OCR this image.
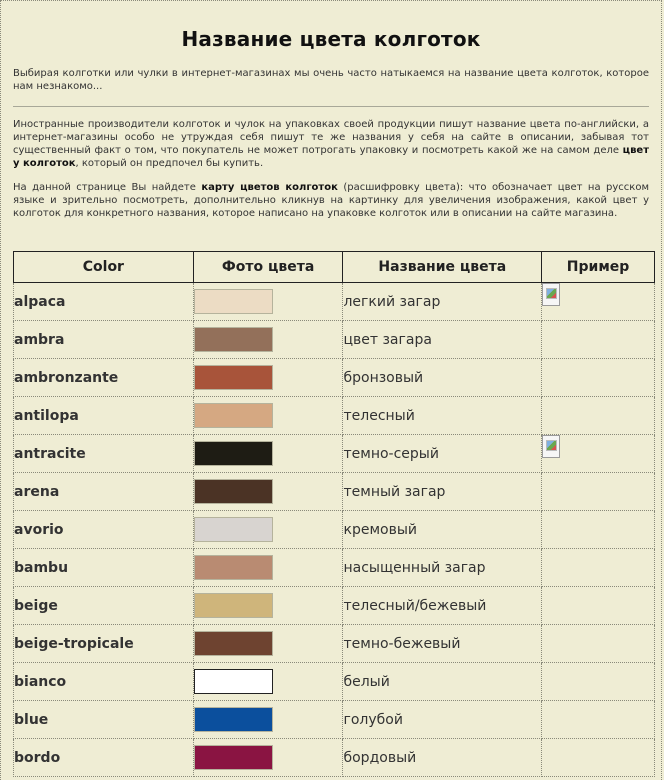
Название цвета колготок

Выбирая колготки или чулки в интернет-магазинах мы очень часто натыкаемся на название цвета колготок, которое нам незнакомо...

Иностранные производители колготок и чулок на упаковках своей продукции пишут название цвета по-английски, а интернет-магазины особо не утруждая себя пишут те же названия у себя на сайте в описании, забывая тот существенный факт о том, что покупатель не может потрогать упаковку и посмотреть какой же на самом деле цвет у колготок, который он предпочел бы купить.

На данной странице Вы найдете карту цветов колготок (расшифровку цвета): что обозначает цвет на русском языке и зрительно посмотреть, дополнительно кликнув на картинку для увеличения изображения, какой цвет у колготок для конкретного названия, которое написано на упаковке колготок или в описании на сайте магазина.

Color	Фото цвета	Название цвета	Пример
alpaca		легкий загар	

ambra		цвет загара	
ambronzante		бронзовый	
antilopa		телесный	
antracite		темно-серый	

arena		темный загар	
avorio		кремовый	
bambu		насыщенный загар	
beige		телесный/бежевый	
beige-tropicale		темно-бежевый	
bianco		белый	
blue		голубой	
bordo		бордовый	
